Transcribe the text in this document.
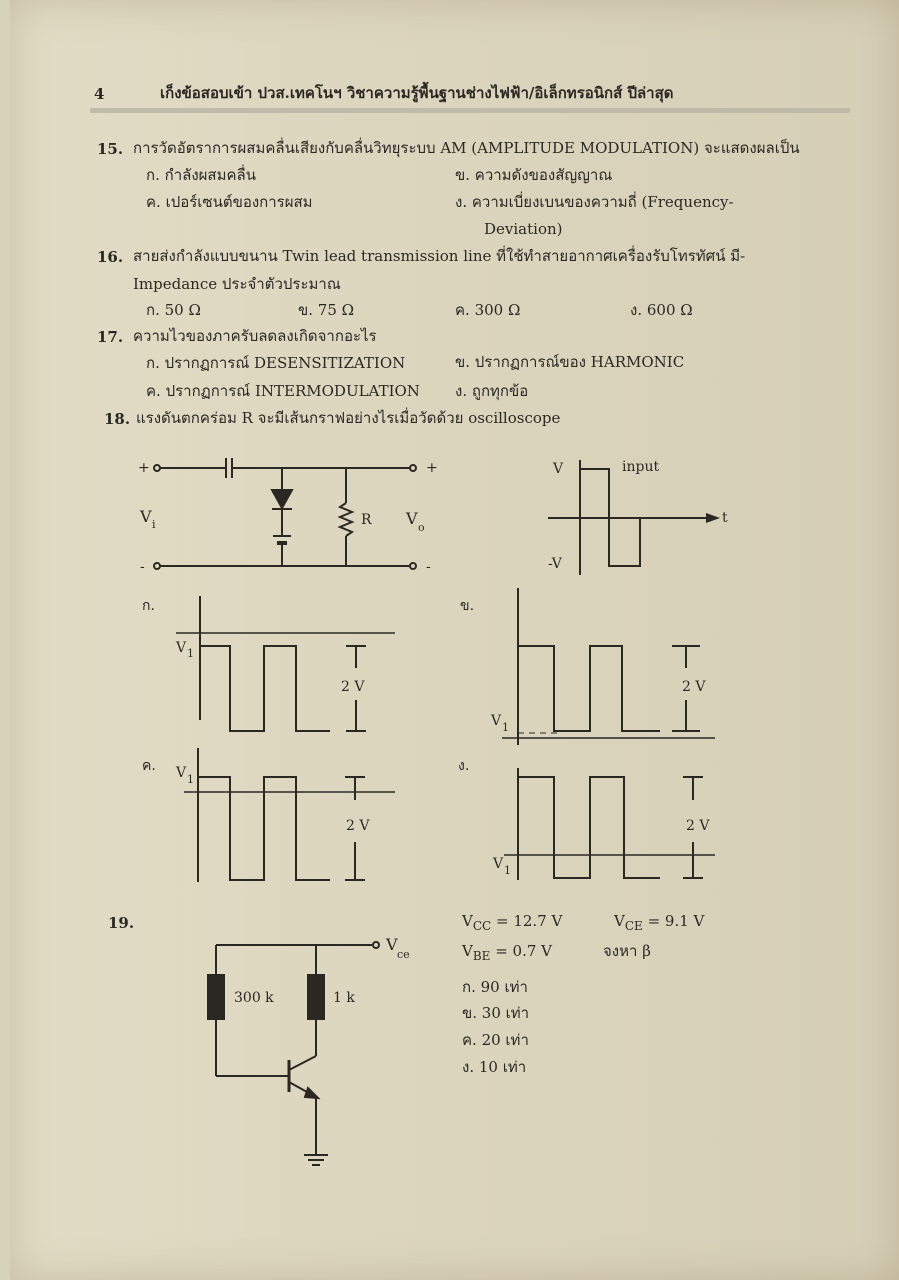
4	เก็งข้อสอบเข้า ปวส.เทคโนฯ วิชาความรู้พื้นฐานช่างไฟฟ้า/อิเล็กทรอนิกส์ ปีล่าสุด
15. การวัดอัตราการผสมคลื่นเสียงกับคลื่นวิทยุระบบ AM (AMPLITUDE MODULATION) จะแสดงผลเป็น
ก. กำลังผสมคลื่น	ข. ความดังของสัญญาณ
ค. เปอร์เซนต์ของการผสม	ง. ความเบี่ยงเบนของความถี่ (Frequency-
Deviation)
16. สายส่งกำลังแบบขนาน Twin lead transmission line ที่ใช้ทำสายอากาศเครื่องรับโทรทัศน์ มี-
Impedance ประจำตัวประมาณ
ก. 50 Ω	ข. 75 Ω	ค. 300 Ω	ง. 600 Ω
17. ความไวของภาครับลดลงเกิดจากอะไร
ก. ปรากฏการณ์ DESENSITIZATION	ข. ปรากฏการณ์ของ HARMONIC
ค. ปรากฏการณ์ INTERMODULATION ง. ถูกทุกข้อ
18. แรงดันตกคร่อม R จะมีเส้นกราฟอย่างไรเมื่อวัดด้วย oscilloscope
+	+
-	-
V i	V o
R
V
-V
t
input
ก.
V 1
2 V
ข.
V 1
2 V
ค. V 1
2 V
ง.
V 1
2 V
300 k	1 k
V
ce
19.	$V_{CC} = 12.7$ V	$V_{CE} = 9.1$ V
$V_{BE} = 0.7$ V	จงหา β
ก. 90 เท่า
ข. 30 เท่า
ค. 20 เท่า
ง. 10 เท่า
